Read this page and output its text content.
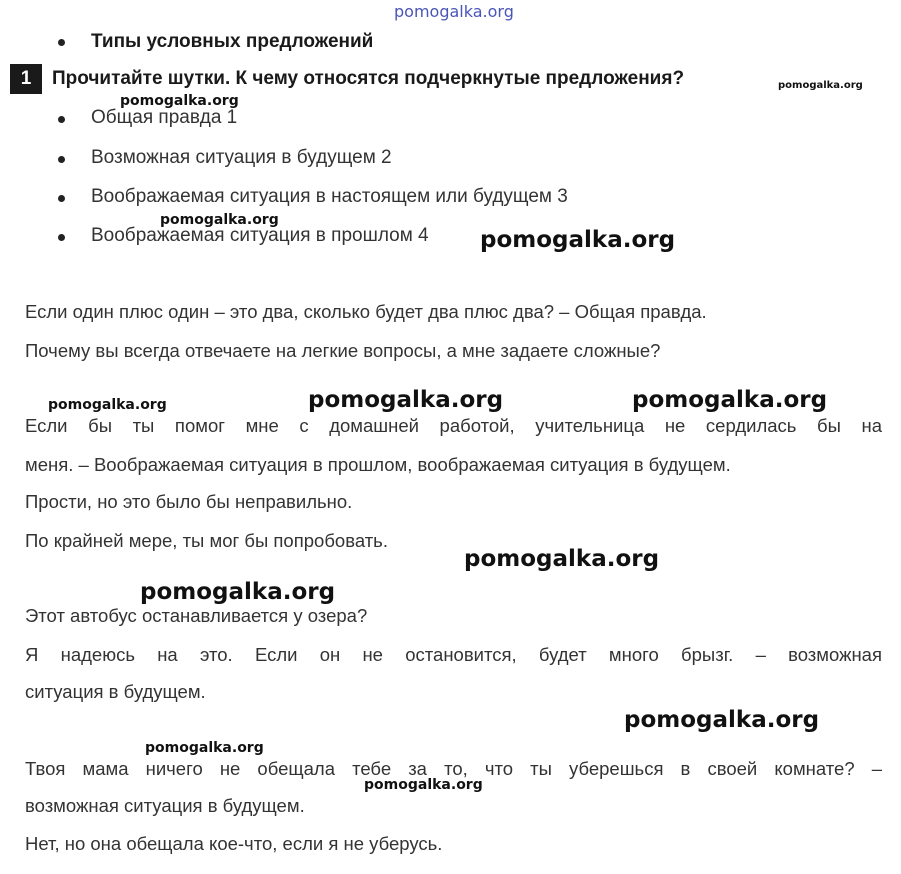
pomogalka.org
Типы условных предложений
1	Прочитайте шутки. К чему относятся подчеркнутые предложения?
Общая правда 1
Возможная ситуация в будущем 2
Воображаемая ситуация в настоящем или будущем 3
Воображаемая ситуация в прошлом 4
Если один плюс один – это два, сколько будет два плюс два? – Общая правда.
Почему вы всегда отвечаете на легкие вопросы, а мне задаете сложные?
Если бы ты помог мне с домашней работой, учительница не сердилась бы на
меня. – Воображаемая ситуация в прошлом, воображаемая ситуация в будущем.
Прости, но это было бы неправильно.
По крайней мере, ты мог бы попробовать.
Этот автобус останавливается у озера?
Я надеюсь на это. Если он не остановится, будет много брызг. – возможная
ситуация в будущем.
Твоя мама ничего не обещала тебе за то, что ты уберешься в своей комнате? –
возможная ситуация в будущем.
Нет, но она обещала кое-что, если я не уберусь.
pomogalka.org
pomogalka.org
pomogalka.org
pomogalka.org
pomogalka.org	pomogalka.org	pomogalka.org
pomogalka.org
pomogalka.org
pomogalka.org
pomogalka.org
pomogalka.org
